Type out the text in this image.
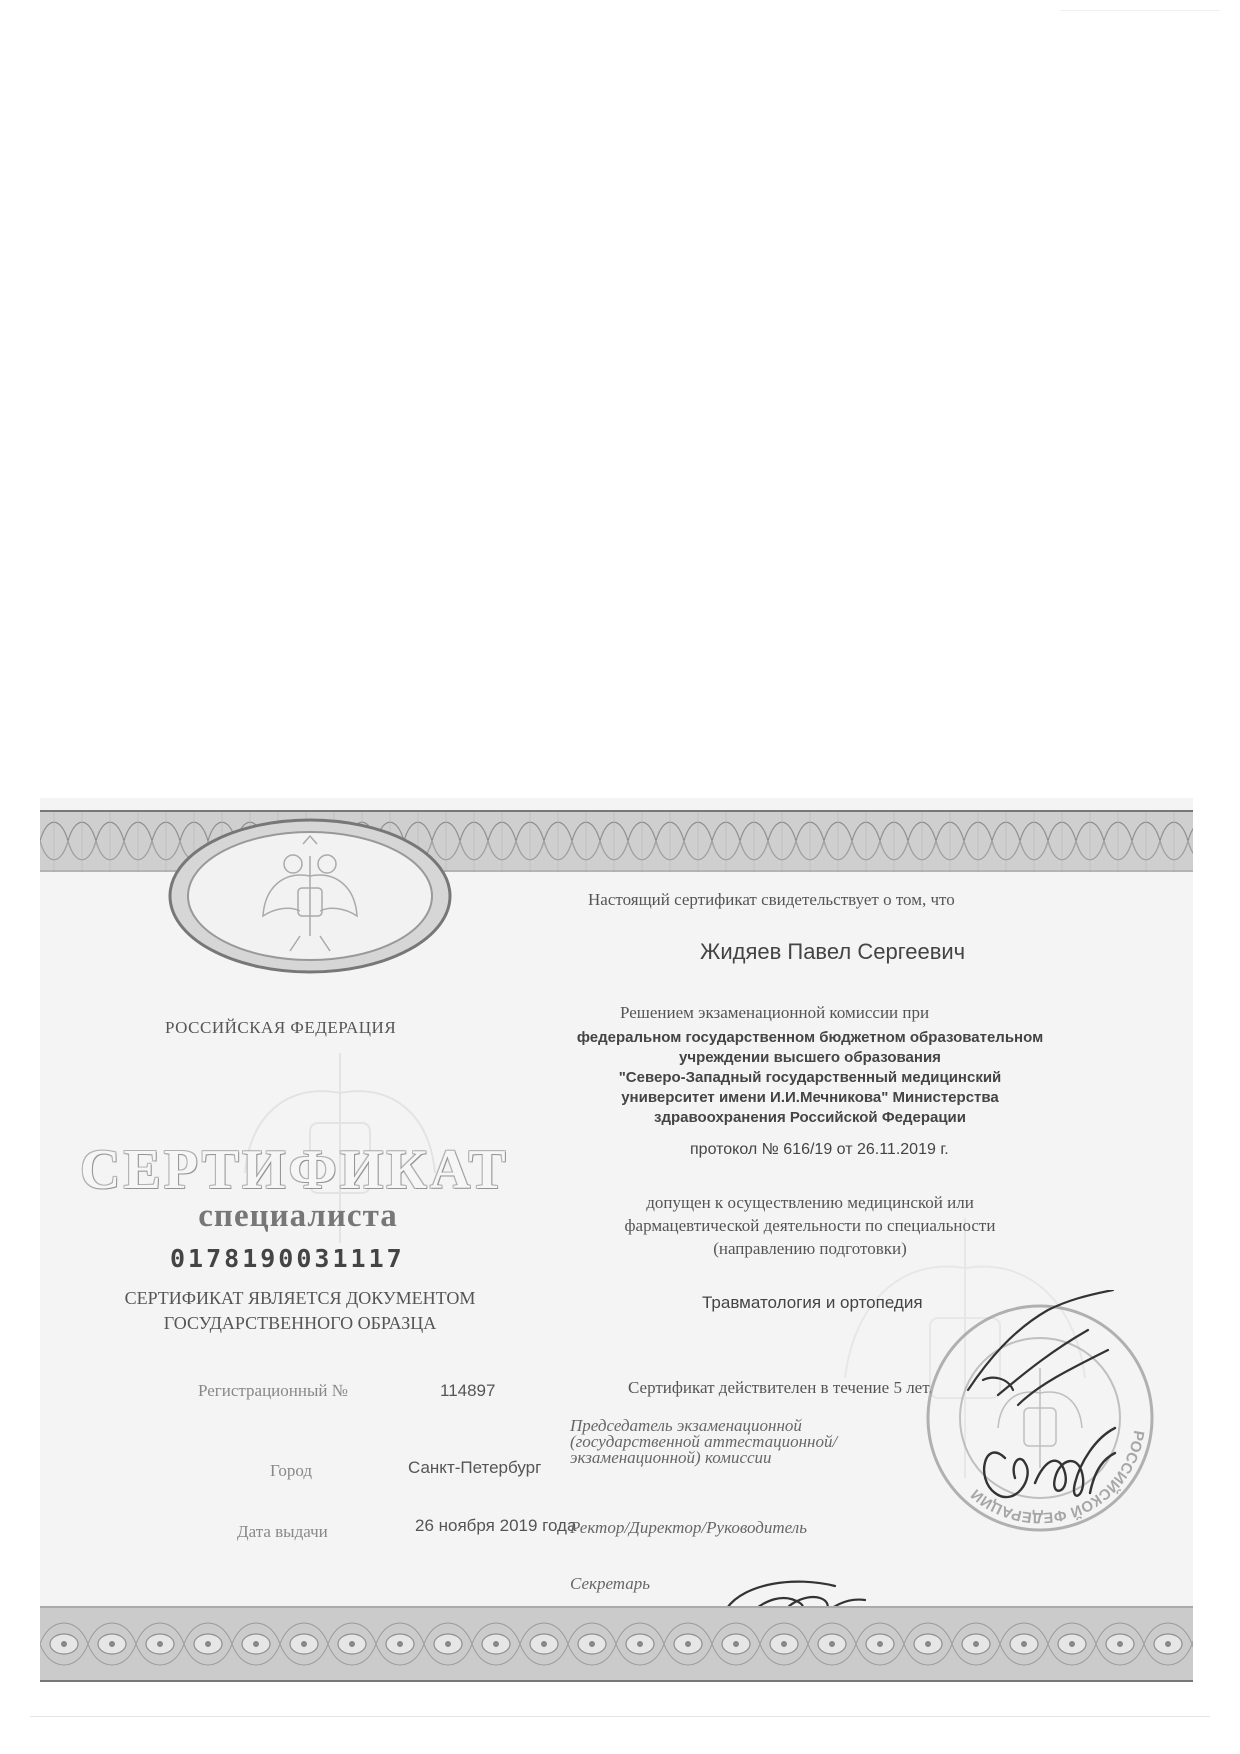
РОССИЙСКАЯ ФЕДЕРАЦИЯ
СЕРТИФИКАТ
специалиста
0178190031117
СЕРТИФИКАТ ЯВЛЯЕТСЯ ДОКУМЕНТОМ
ГОСУДАРСТВЕННОГО ОБРАЗЦА
Регистрационный №	114897
Город	Санкт-Петербург
Дата выдачи	26 ноября 2019 года
Настоящий сертификат свидетельствует о том, что
Жидяев Павел Сергеевич
Решением экзаменационной комиссии при
федеральном государственном бюджетном образовательном
учреждении высшего образования
"Северо-Западный государственный медицинский
университет имени И.И.Мечникова" Министерства
здравоохранения Российской Федерации
протокол № 616/19 от 26.11.2019 г.
допущен к осуществлению медицинской или
фармацевтической деятельности по специальности
(направлению подготовки)
Травматология и ортопедия
Сертификат действителен в течение 5 лет.
РОССИЙСКОЙ ФЕДЕРАЦИИ
Председатель экзаменационной
(государственной аттестационной/
экзаменационной) комиссии
Ректор/Директор/Руководитель
Секретарь
